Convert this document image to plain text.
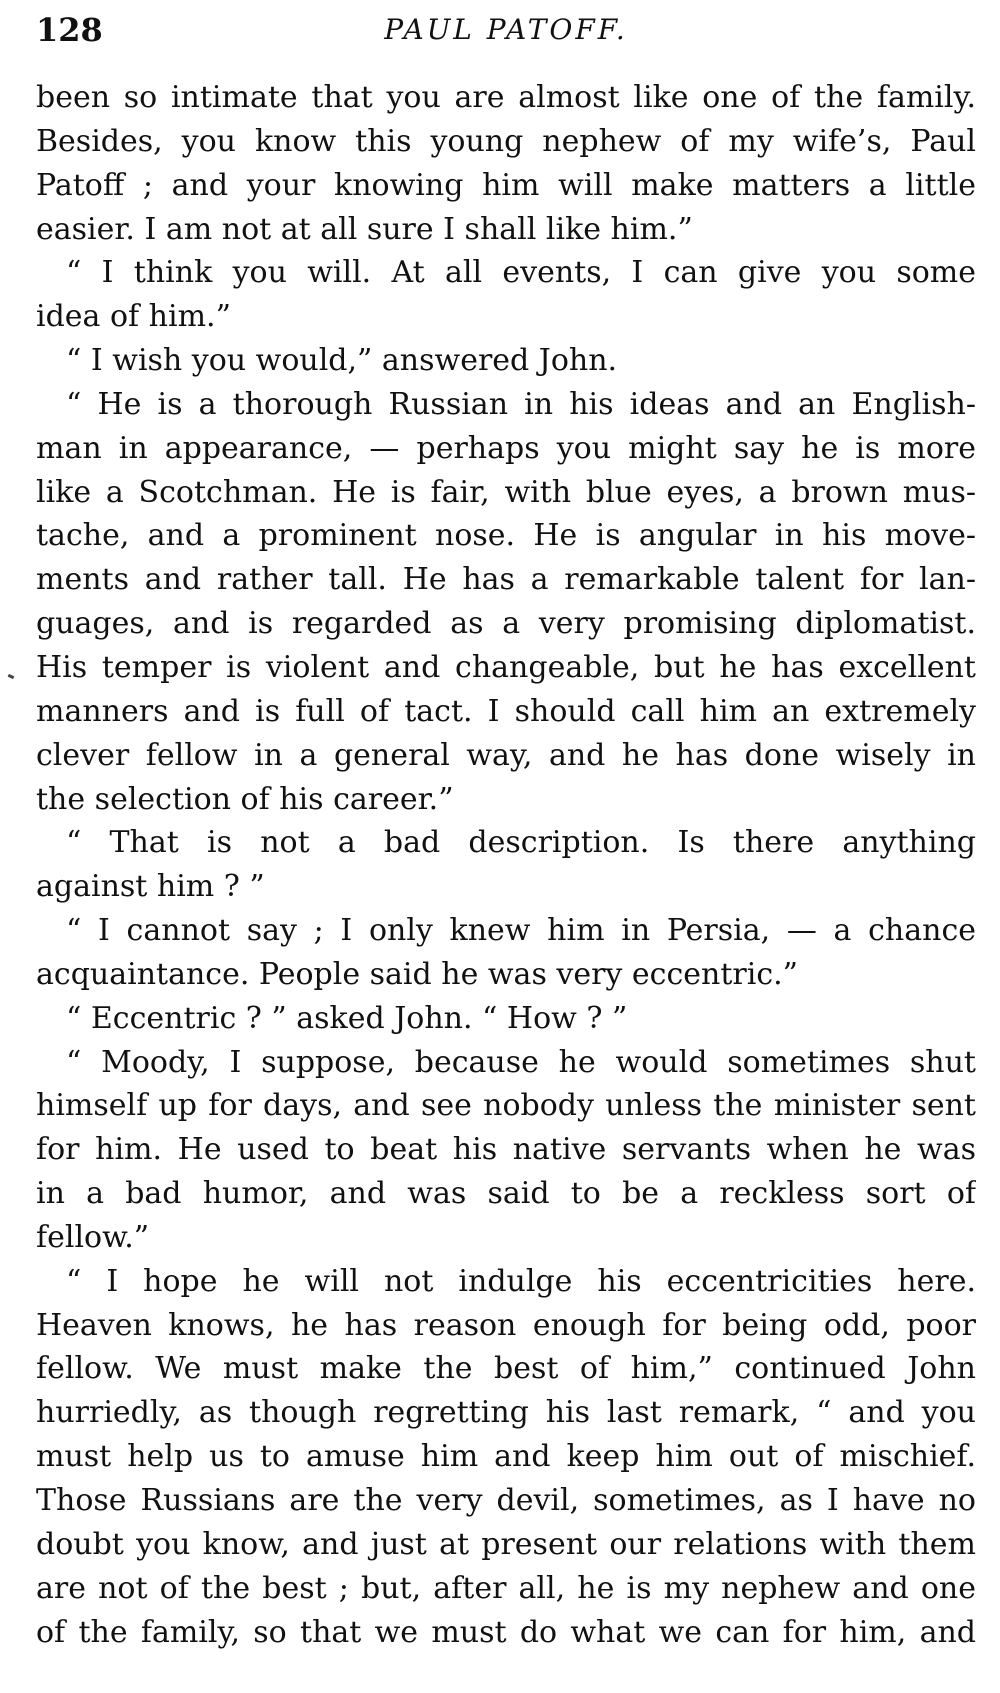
128	PAUL PATOFF.
been so intimate that you are almost like one of the family.
Besides, you know this young nephew of my wife’s, Paul
Patoff ; and your knowing him will make matters a little
easier. I am not at all sure I shall like him.”
“ I think you will. At all events, I can give you some
idea of him.”
“ I wish you would,” answered John.
“ He is a thorough Russian in his ideas and an English-
man in appearance, — perhaps you might say he is more
like a Scotchman. He is fair, with blue eyes, a brown mus-
tache, and a prominent nose. He is angular in his move-
ments and rather tall. He has a remarkable talent for lan-
guages, and is regarded as a very promising diplomatist.
His temper is violent and changeable, but he has excellent
manners and is full of tact. I should call him an extremely
clever fellow in a general way, and he has done wisely in
the selection of his career.”
“ That is not a bad description. Is there anything
against him ? ”
“ I cannot say ; I only knew him in Persia, — a chance
acquaintance. People said he was very eccentric.”
“ Eccentric ? ” asked John. “ How ? ”
“ Moody, I suppose, because he would sometimes shut
himself up for days, and see nobody unless the minister sent
for him. He used to beat his native servants when he was
in a bad humor, and was said to be a reckless sort of
fellow.”
“ I hope he will not indulge his eccentricities here.
Heaven knows, he has reason enough for being odd, poor
fellow. We must make the best of him,” continued John
hurriedly, as though regretting his last remark, “ and you
must help us to amuse him and keep him out of mischief.
Those Russians are the very devil, sometimes, as I have no
doubt you know, and just at present our relations with them
are not of the best ; but, after all, he is my nephew and one
of the family, so that we must do what we can for him, and
